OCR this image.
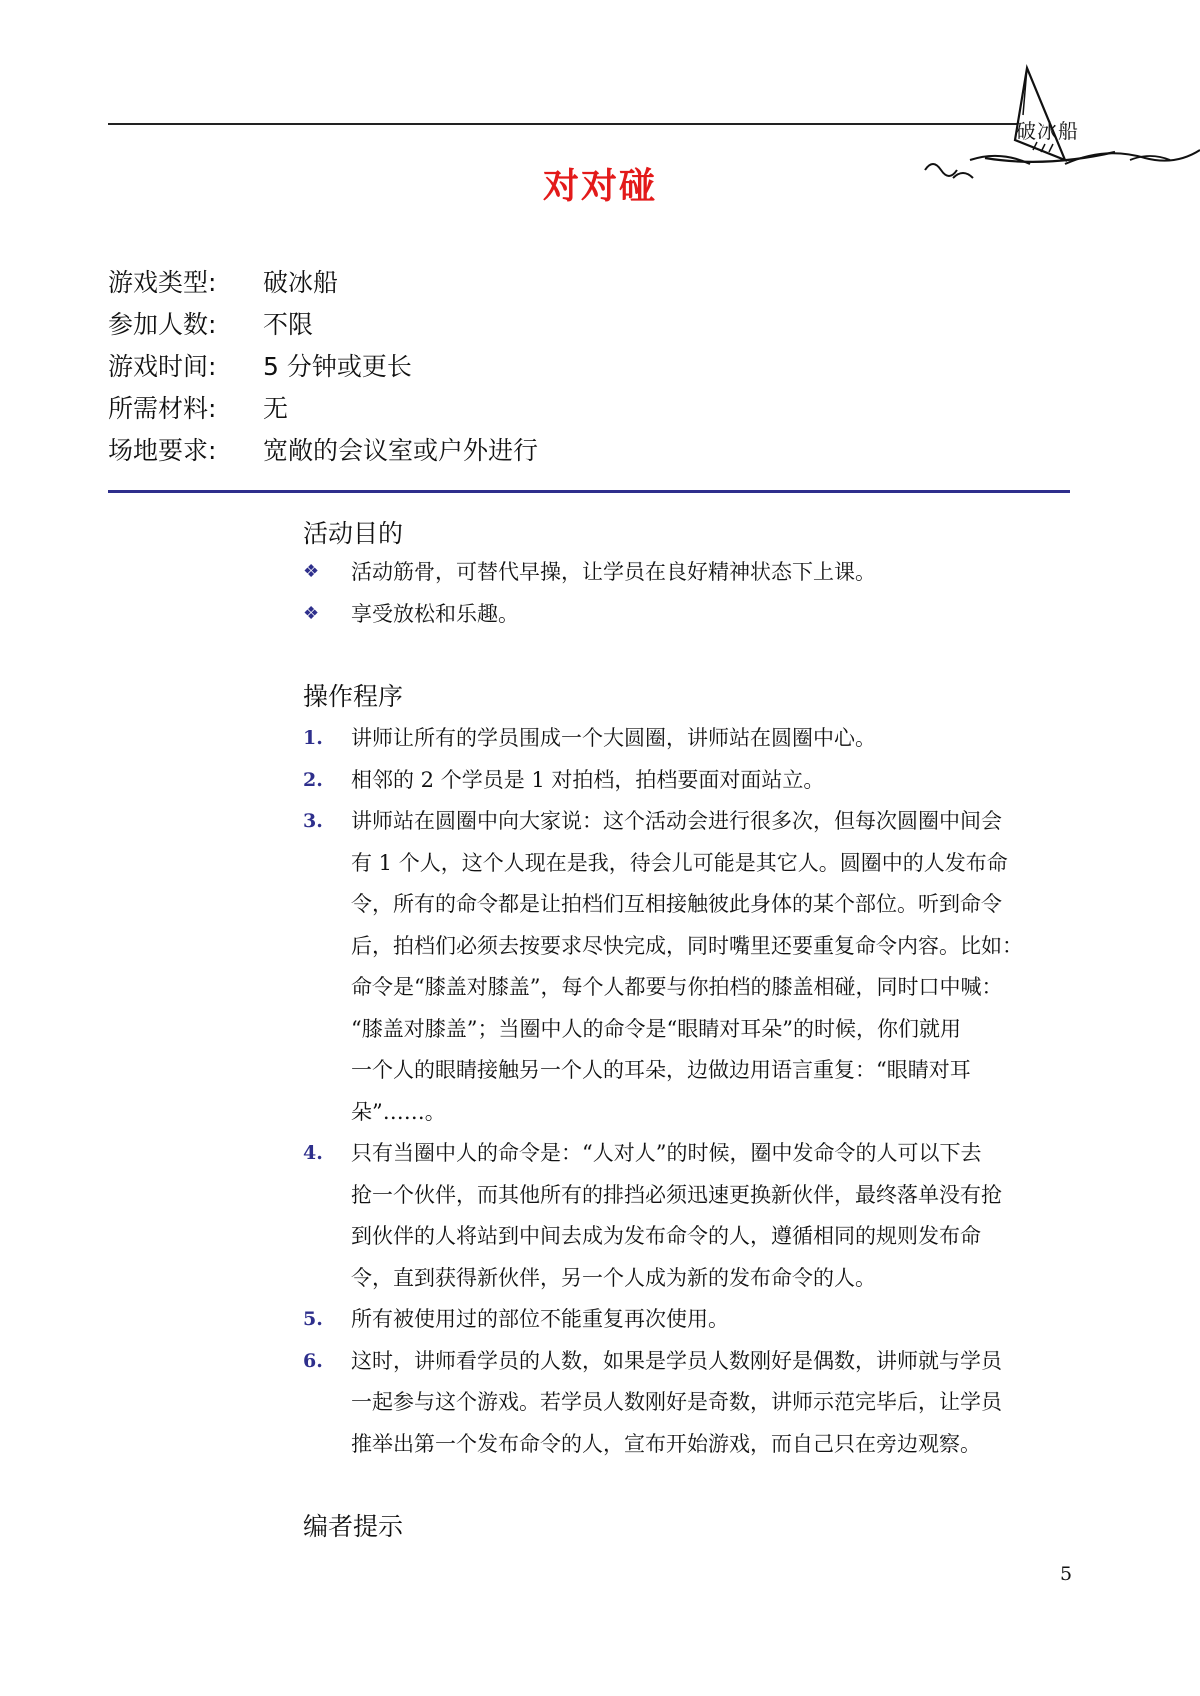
破冰船
对对碰
游戏类型: 破冰船
参加人数: 不限
游戏时间: 5 分钟或更长
所需材料: 无
场地要求: 宽敞的会议室或户外进行
活动目的
❖ 活动筋骨，可替代早操，让学员在良好精神状态下上课。
❖ 享受放松和乐趣。
操作程序
1. 讲师让所有的学员围成一个大圆圈，讲师站在圆圈中心。
2. 相邻的 2 个学员是 1 对拍档，拍档要面对面站立。
3. 讲师站在圆圈中向大家说：这个活动会进行很多次，但每次圆圈中间会
有 1 个人，这个人现在是我，待会儿可能是其它人。圆圈中的人发布命
令，所有的命令都是让拍档们互相接触彼此身体的某个部位。听到命令
后，拍档们必须去按要求尽快完成，同时嘴里还要重复命令内容。比如：
命令是“膝盖对膝盖”，每个人都要与你拍档的膝盖相碰，同时口中喊：
“膝盖对膝盖”；当圈中人的命令是“眼睛对耳朵”的时候，你们就用
一个人的眼睛接触另一个人的耳朵，边做边用语言重复：“眼睛对耳
朵”……。
4. 只有当圈中人的命令是：“人对人”的时候，圈中发命令的人可以下去
抢一个伙伴，而其他所有的排挡必须迅速更换新伙伴，最终落单没有抢
到伙伴的人将站到中间去成为发布命令的人，遵循相同的规则发布命
令，直到获得新伙伴，另一个人成为新的发布命令的人。
5. 所有被使用过的部位不能重复再次使用。
6. 这时，讲师看学员的人数，如果是学员人数刚好是偶数，讲师就与学员
一起参与这个游戏。若学员人数刚好是奇数，讲师示范完毕后，让学员
推举出第一个发布命令的人，宣布开始游戏，而自己只在旁边观察。
编者提示
5
